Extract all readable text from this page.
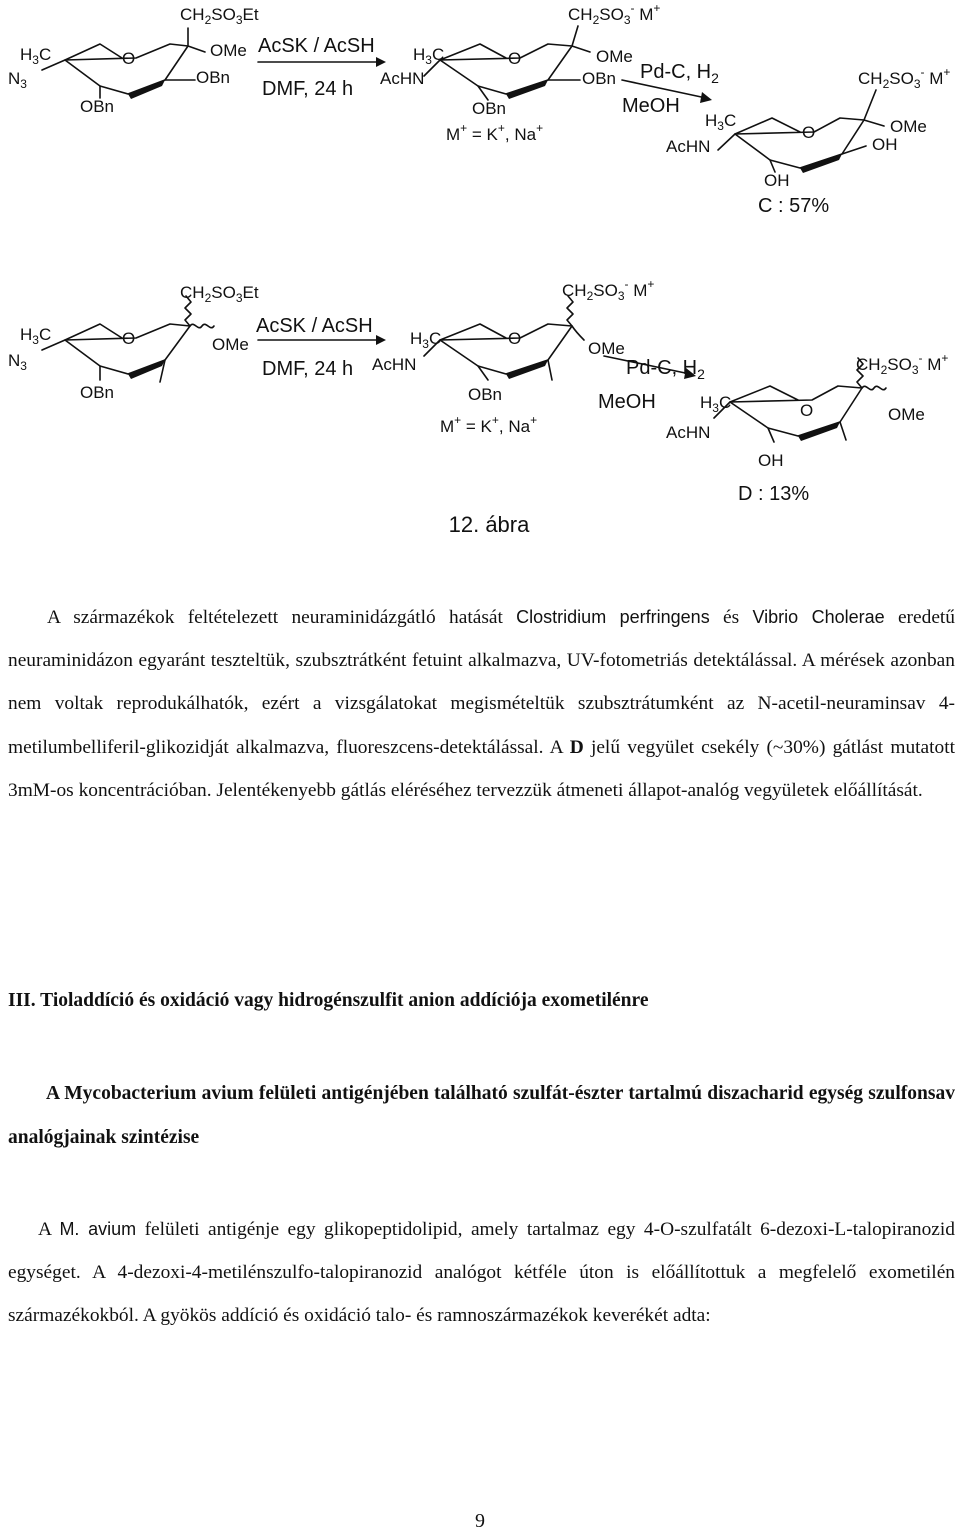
$H_3C$
$N_3$
O	OMe
OBn
OBn
$CH_2SO_3Et$
AcSK / AcSH
DMF, 24 h
$H_3C$
AcHN
O	OMe
OBn
OBn
$CH_2SO_3^-$ M+
M+ = K+, Na+
Pd-C, $H_2$
MeOH
$H_3C$
AcHN
O	OMe
OH
OH
$CH_2SO_3^-$ M+
C : 57%
$H_3C$
$N_3$
O	OMe
OBn
$CH_2SO_3Et$
AcSK / AcSH
DMF, 24 h
$H_3C$
AcHN
O
OMe
OBn
$CH_2SO_3^-$ M+
M+ = K+, Na+
Pd-C, $H_2$
MeOH	$H_3C$
AcHN
O	OMe
OH
$CH_2SO_3^-$ M+
D : 13%
12. ábra

A származékok feltételezett neuraminidázgátló hatását Clostridium perfringens és Vibrio Cholerae eredetű neuraminidázon egyaránt teszteltük, szubsztrátként fetuint alkalmazva, UV-fotometriás detektálással. A mérések azonban nem voltak reprodukálhatók, ezért a vizsgálatokat megismételtük szubsztrátumként az N-acetil-neuraminsav 4-metilumbelliferil-glikozidját alkalmazva, fluoreszcens-detektálással. A D jelű vegyület csekély (~30%) gátlást mutatott 3mM-os koncentrációban. Jelentékenyebb gátlás eléréséhez tervezzük átmeneti állapot-analóg vegyületek előállítását.

III. Tioladdíció és oxidáció vagy hidrogénszulfit anion addíciója exometilénre

A Mycobacterium avium felületi antigénjében található szulfát-észter tartalmú diszacharid egység szulfonsav analógjainak szintézise

A M. avium felületi antigénje egy glikopeptidolipid, amely tartalmaz egy 4-O-szulfatált 6-dezoxi-L-talopiranozid egységet. A 4-dezoxi-4-metilénszulfo-talopiranozid analógot kétféle úton is előállítottuk a megfelelő exometilén származékokból. A gyökös addíció és oxidáció talo- és ramnoszármazékok keverékét adta:

9
